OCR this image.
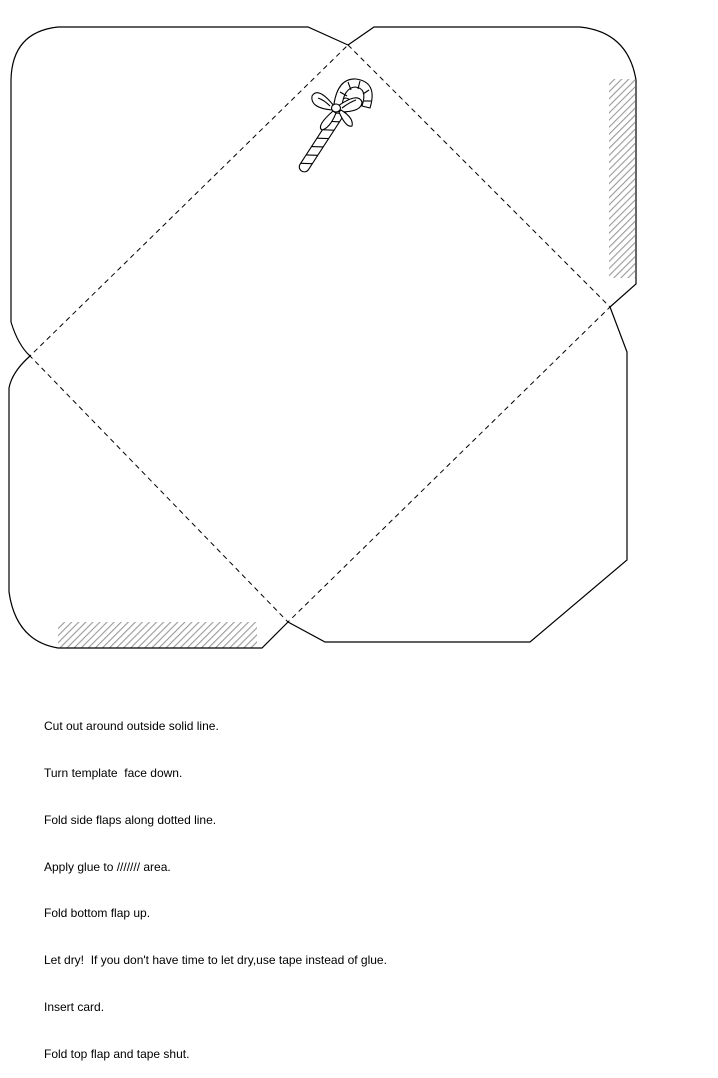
Cut out around outside solid line.

Turn template  face down.

Fold side flaps along dotted line.

Apply glue to /////// area.

Fold bottom flap up.

Let dry!  If you don't have time to let dry,use tape instead of glue.

Insert card.

Fold top flap and tape shut.
